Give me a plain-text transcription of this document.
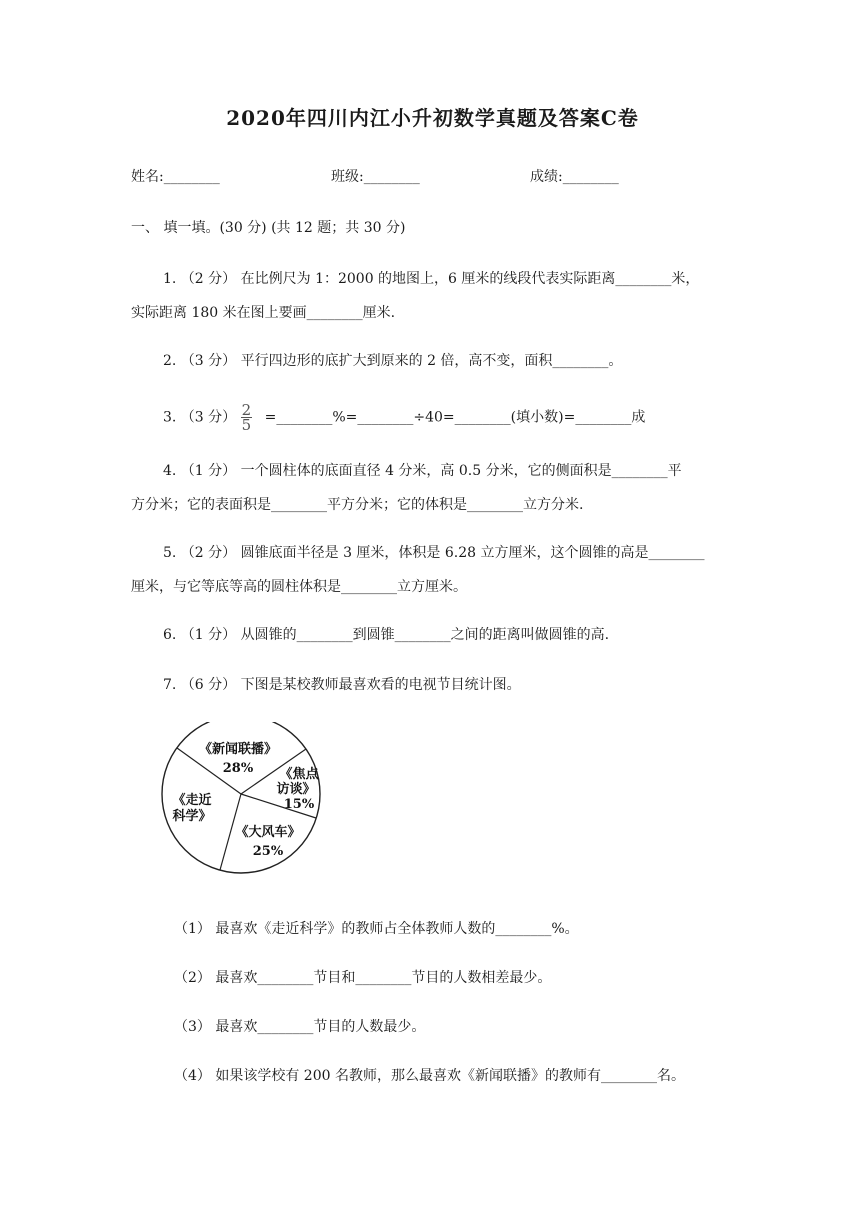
2020年四川内江小升初数学真题及答案C卷
姓名:________	班级:________	成绩:________
一、 填一填。(30 分) (共 12 题；共 30 分)
1. （2 分） 在比例尺为 1：2000 的地图上，6 厘米的线段代表实际距离________米，
实际距离 180 米在图上要画________厘米.
2. （3 分） 平行四边形的底扩大到原来的 2 倍，高不变，面积________。
3. （3 分） $\frac{2}{5}$ =________%=________÷40=________(填小数)=________成
4. （1 分） 一个圆柱体的底面直径 4 分米，高 0.5 分米，它的侧面积是________平
方分米；它的表面积是________平方分米；它的体积是________立方分米.
5. （2 分） 圆锥底面半径是 3 厘米，体积是 6.28 立方厘米，这个圆锥的高是________
厘米，与它等底等高的圆柱体积是________立方厘米。
6. （1 分） 从圆锥的________到圆锥________之间的距离叫做圆锥的高.
7. （6 分） 下图是某校教师最喜欢看的电视节目统计图。
《新闻联播》
28% 《焦点
访谈》
15%
《大风车》
25%
《走近
科学》
（1） 最喜欢《走近科学》的教师占全体教师人数的________%。
（2） 最喜欢________节目和________节目的人数相差最少。
（3） 最喜欢________节目的人数最少。
（4） 如果该学校有 200 名教师，那么最喜欢《新闻联播》的教师有________名。
